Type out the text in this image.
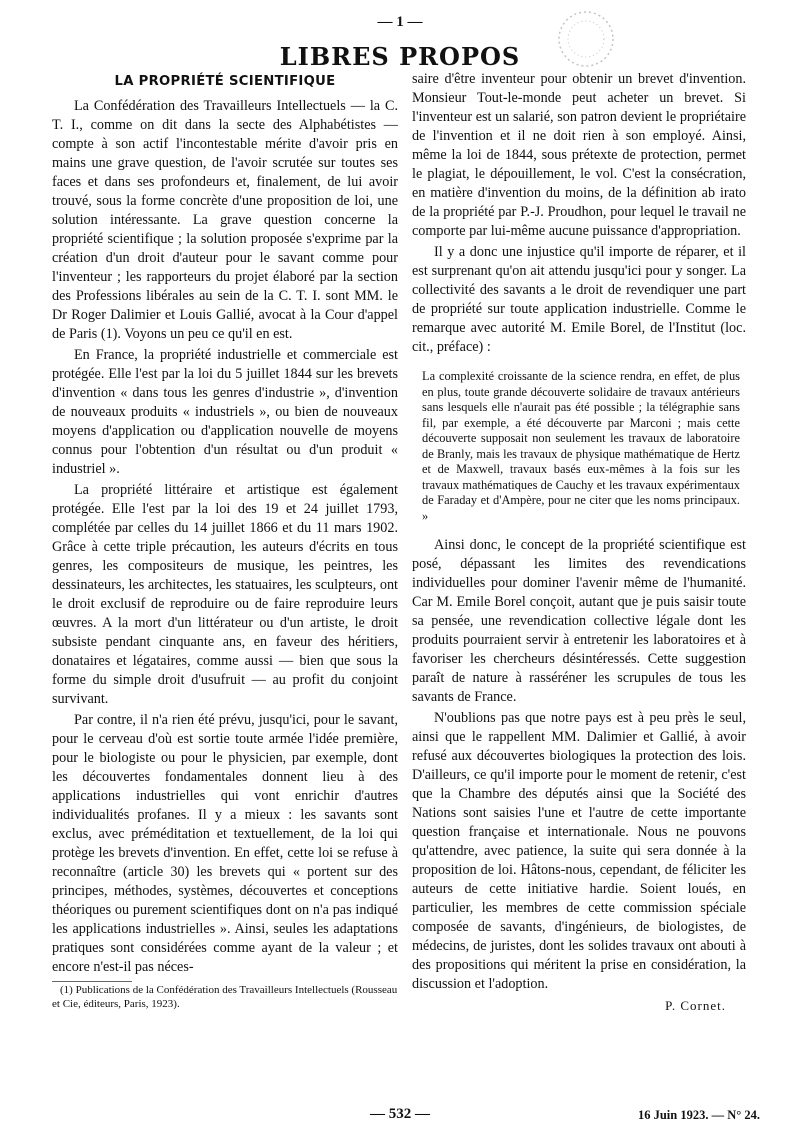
— 1 —
LIBRES PROPOS
LA PROPRIÉTÉ SCIENTIFIQUE

La Confédération des Travailleurs Intellectuels — la C. T. I., comme on dit dans la secte des Alphabétistes — compte à son actif l'incontestable mérite d'avoir pris en mains une grave question, de l'avoir scrutée sur toutes ses faces et dans ses profondeurs et, finalement, de lui avoir trouvé, sous la forme concrète d'une proposition de loi, une solution intéressante. La grave question concerne la propriété scientifique ; la solution proposée s'exprime par la création d'un droit d'auteur pour le savant comme pour l'inventeur ; les rapporteurs du projet élaboré par la section des Professions libérales au sein de la C. T. I. sont MM. le Dr Roger Dalimier et Louis Gallié, avocat à la Cour d'appel de Paris (1). Voyons un peu ce qu'il en est.

En France, la propriété industrielle et commerciale est protégée. Elle l'est par la loi du 5 juillet 1844 sur les brevets d'invention « dans tous les genres d'industrie », d'invention de nouveaux produits « industriels », ou bien de nouveaux moyens d'application ou d'application nouvelle de moyens connus pour l'obtention d'un résultat ou d'un produit « industriel ».

La propriété littéraire et artistique est également protégée. Elle l'est par la loi des 19 et 24 juillet 1793, complétée par celles du 14 juillet 1866 et du 11 mars 1902. Grâce à cette triple précaution, les auteurs d'écrits en tous genres, les compositeurs de musique, les peintres, les dessinateurs, les architectes, les statuaires, les sculpteurs, ont le droit exclusif de reproduire ou de faire reproduire leurs œuvres. A la mort d'un littérateur ou d'un artiste, le droit subsiste pendant cinquante ans, en faveur des héritiers, donataires et légataires, comme aussi — bien que sous la forme du simple droit d'usufruit — au profit du conjoint survivant.

Par contre, il n'a rien été prévu, jusqu'ici, pour le savant, pour le cerveau d'où est sortie toute armée l'idée première, pour le biologiste ou pour le physicien, par exemple, dont les découvertes fondamentales donnent lieu à des applications industrielles qui vont enrichir d'autres individualités profanes. Il y a mieux : les savants sont exclus, avec préméditation et textuellement, de la loi qui protège les brevets d'invention. En effet, cette loi se refuse à reconnaître (article 30) les brevets qui « portent sur des principes, méthodes, systèmes, découvertes et conceptions théoriques ou purement scientifiques dont on n'a pas indiqué les applications industrielles ». Ainsi, seules les adaptations pratiques sont considérées comme ayant de la valeur ; et encore n'est-il pas néces-

(1) Publications de la Confédération des Travailleurs Intellectuels (Rousseau et Cie, éditeurs, Paris, 1923).

saire d'être inventeur pour obtenir un brevet d'invention. Monsieur Tout-le-monde peut acheter un brevet. Si l'inventeur est un salarié, son patron devient le propriétaire de l'invention et il ne doit rien à son employé. Ainsi, même la loi de 1844, sous prétexte de protection, permet le plagiat, le dépouillement, le vol. C'est la consécration, en matière d'invention du moins, de la définition ab irato de la propriété par P.-J. Proudhon, pour lequel le travail ne comporte par lui-même aucune puissance d'appropriation.

Il y a donc une injustice qu'il importe de réparer, et il est surprenant qu'on ait attendu jusqu'ici pour y songer. La collectivité des savants a le droit de revendiquer une part de propriété sur toute application industrielle. Comme le remarque avec autorité M. Emile Borel, de l'Institut (loc. cit., préface) :

La complexité croissante de la science rendra, en effet, de plus en plus, toute grande découverte solidaire de travaux antérieurs sans lesquels elle n'aurait pas été possible ; la télégraphie sans fil, par exemple, a été découverte par Marconi ; mais cette découverte supposait non seulement les travaux de laboratoire de Branly, mais les travaux de physique mathématique de Hertz et de Maxwell, travaux basés eux-mêmes à la fois sur les travaux mathématiques de Cauchy et les travaux expérimentaux de Faraday et d'Ampère, pour ne citer que les noms principaux. »

Ainsi donc, le concept de la propriété scientifique est posé, dépassant les limites des revendications individuelles pour dominer l'avenir même de l'humanité. Car M. Emile Borel conçoit, autant que je puis saisir toute sa pensée, une revendication collective légale dont les produits pourraient servir à entretenir les laboratoires et à favoriser les chercheurs désintéressés. Cette suggestion paraît de nature à rasséréner les scrupules de tous les savants de France.

N'oublions pas que notre pays est à peu près le seul, ainsi que le rappellent MM. Dalimier et Gallié, à avoir refusé aux découvertes biologiques la protection des lois. D'ailleurs, ce qu'il importe pour le moment de retenir, c'est que la Chambre des députés ainsi que la Société des Nations sont saisies l'une et l'autre de cette importante question française et internationale. Nous ne pouvons qu'attendre, avec patience, la suite qui sera donnée à la proposition de loi. Hâtons-nous, cependant, de féliciter les auteurs de cette initiative hardie. Soient loués, en particulier, les membres de cette commission spéciale composée de savants, d'ingénieurs, de biologistes, de médecins, de juristes, dont les solides travaux ont abouti à des propositions qui méritent la prise en considération, la discussion et l'adoption.

P. Cornet.
— 532 —	16 Juin 1923. — N° 24.
